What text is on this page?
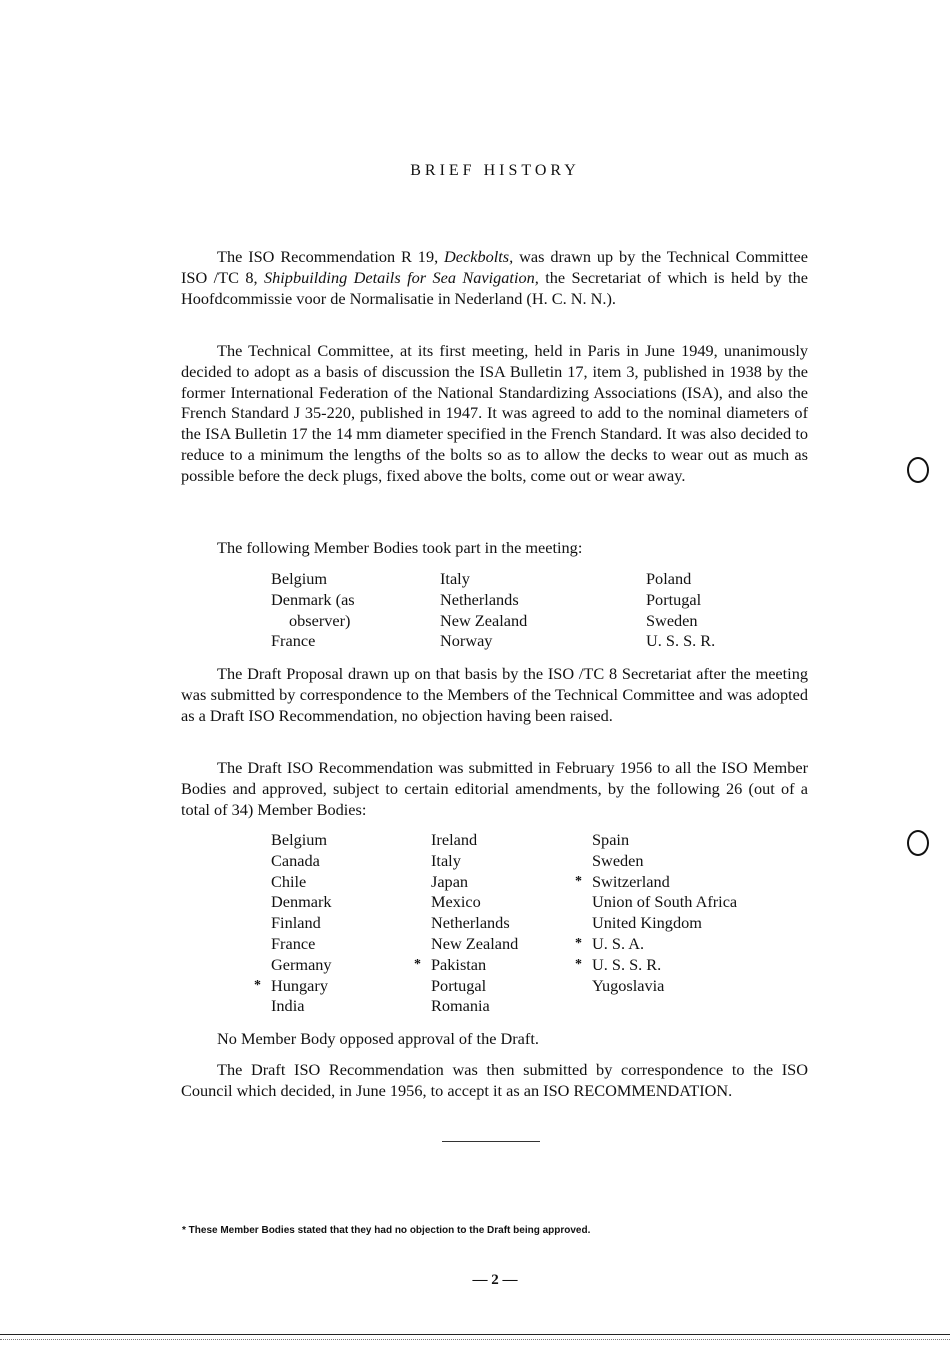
BRIEF HISTORY

The ISO Recommendation R 19, Deckbolts, was drawn up by the Technical Committee ISO /TC 8, Shipbuilding Details for Sea Navigation, the Secretariat of which is held by the Hoofdcommissie voor de Normalisatie in Nederland (H. C. N. N.).

The Technical Committee, at its first meeting, held in Paris in June 1949, unanimously decided to adopt as a basis of discussion the ISA Bulletin 17, item 3, published in 1938 by the former International Federation of the National Standardizing Associations (ISA), and also the French Standard J 35-220, published in 1947. It was agreed to add to the nominal diameters of the ISA Bulletin 17 the 14 mm diameter specified in the French Standard. It was also decided to reduce to a minimum the lengths of the bolts so as to allow the decks to wear out as much as possible before the deck plugs, fixed above the bolts, come out or wear away.

The following Member Bodies took part in the meeting:
Belgium
Denmark (as
observer)
France
Italy
Netherlands
New Zealand
Norway
Poland
Portugal
Sweden
U. S. S. R.

The Draft Proposal drawn up on that basis by the ISO /TC 8 Secretariat after the meeting was submitted by correspondence to the Members of the Technical Committee and was adopted as a Draft ISO Recommendation, no objection having been raised.

The Draft ISO Recommendation was submitted in February 1956 to all the ISO Member Bodies and approved, subject to certain editorial amendments, by the following 26 (out of a total of 34) Member Bodies:

Belgium
Canada
Chile
Denmark
Finland
France
Germany
* Hungary
India
Ireland
Italy
Japan
Mexico
Netherlands
New Zealand
* Pakistan
Portugal
Romania
Spain
Sweden
* Switzerland
Union of South Africa
United Kingdom
* U. S. A.
* U. S. S. R.
Yugoslavia
No Member Body opposed approval of the Draft.

The Draft ISO Recommendation was then submitted by correspondence to the ISO Council which decided, in June 1956, to accept it as an ISO RECOMMENDATION.

* These Member Bodies stated that they had no objection to the Draft being approved.
— 2 —
